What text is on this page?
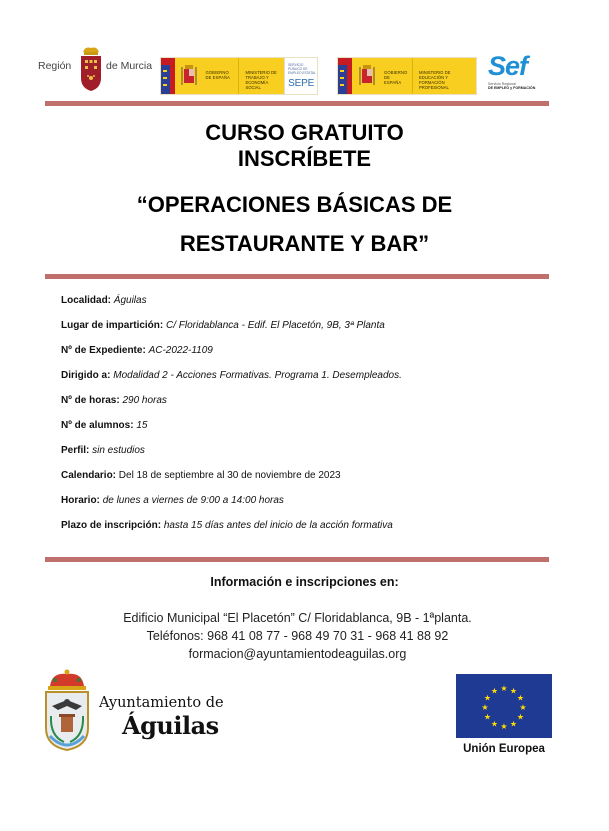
Región	de Murcia
GOBIERNO DE ESPAÑA
MINISTERIO DE TRABAJO Y ECONOMÍA SOCIAL
SERVICIO PÚBLICO DE EMPLEO ESTATAL
SEPE
GOBIERNO DE ESPAÑA
MINISTERIO DE EDUCACIÓN Y FORMACIÓN PROFESIONAL
Sef
Servicio Regional
DE EMPLEO y FORMACIÓN
CURSO GRATUITO
INSCRÍBETE
“OPERACIONES BÁSICAS DE
RESTAURANTE Y BAR”
Localidad: Águilas
Lugar de impartición: C/ Floridablanca - Edif. El Placetón, 9B, 3ª Planta
Nº de Expediente: AC-2022-1109
Dirigido a: Modalidad 2 - Acciones Formativas. Programa 1. Desempleados.
Nº de horas: 290 horas
Nº de alumnos: 15
Perfil: sin estudios
Calendario: Del 18 de septiembre al 30 de noviembre de 2023
Horario: de lunes a viernes de 9:00 a 14:00 horas
Plazo de inscripción: hasta 15 días antes del inicio de la acción formativa
Información e inscripciones en:
Edificio Municipal “El Placetón” C/ Floridablanca, 9B - 1ªplanta.
Teléfonos: 968 41 08 77 - 968 49 70 31 - 968 41 88 92
formacion@ayuntamientodeaguilas.org
Ayuntamiento de
Águilas
★ ★
★
★
★
★
★
★
★
★
★
★
Unión Europea
